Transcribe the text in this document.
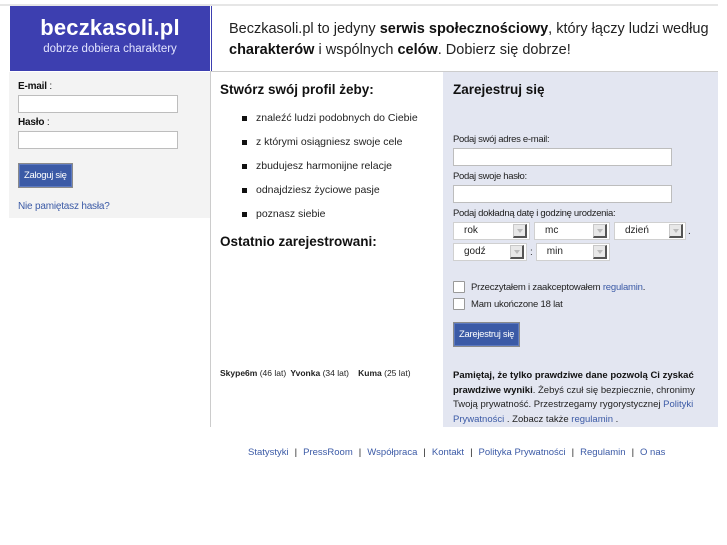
beczkasoli.pl
dobrze dobiera charaktery
Beczkasoli.pl to jedyny serwis społecznościowy, który łączy ludzi według charakterów i wspólnych celów. Dobierz się dobrze!
E-mail :
Hasło :
Zaloguj się
Nie pamiętasz hasła?
Stwórz swój profil żeby:
znaleźć ludzi podobnych do Ciebie
z którymi osiągniesz swoje cele
zbudujesz harmonijne relacje
odnajdziesz życiowe pasje
poznasz siebie
Ostatnio zarejestrowani:
Skype6m (46 lat) Yvonka (34 lat) Kuma (25 lat)
Zarejestruj się
Podaj swój adres e-mail:
Podaj swoje hasło:
Podaj dokładną datę i godzinę urodzenia:
rok	mc	dzień	.
godź	:	min
Przeczytałem i zaakceptowałem
regulamin .
Mam ukończone 18 lat
Zarejestruj się

Pamiętaj, że tylko prawdziwe dane pozwolą Ci zyskać prawdziwe wyniki. Żebyś czuł się bezpiecznie, chronimy Twoją prywatność. Przestrzegamy rygorystycznej Polityki Prywatności . Zobacz także regulamin .

Statystyki | PressRoom | Współpraca | Kontakt | Polityka Prywatności | Regulamin | O nas
